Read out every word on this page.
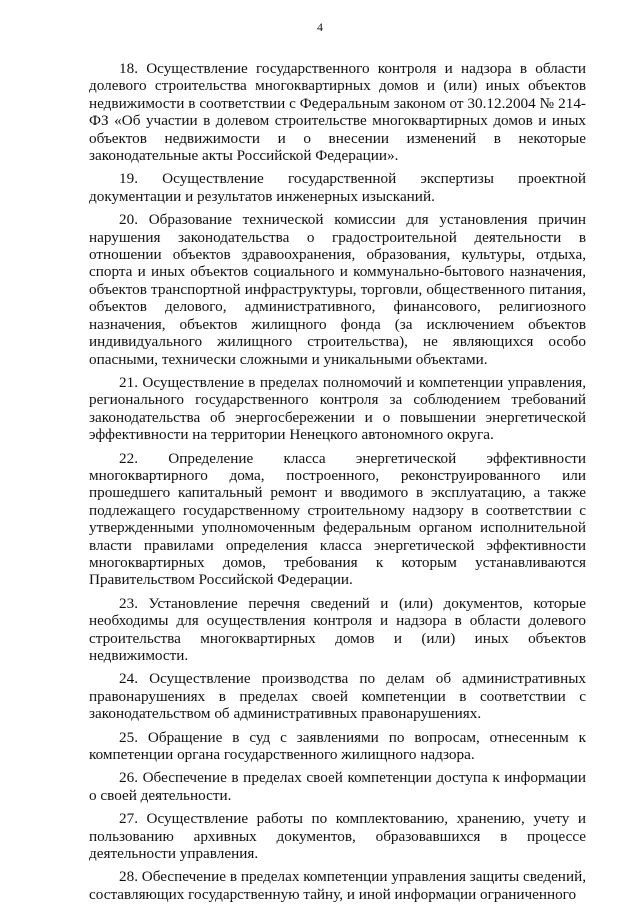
4

18. Осуществление государственного контроля и надзора в области долевого строительства многоквартирных домов и (или) иных объектов недвижимости в соответствии с Федеральным законом от 30.12.2004 № 214-ФЗ «Об участии в долевом строительстве многоквартирных домов и иных объектов недвижимости и о внесении изменений в некоторые законодательные акты Российской Федерации».

19. Осуществление государственной экспертизы проектной документации и результатов инженерных изысканий.

20. Образование технической комиссии для установления причин нарушения законодательства о градостроительной деятельности в отношении объектов здравоохранения, образования, культуры, отдыха, спорта и иных объектов социального и коммунально-бытового назначения, объектов транспортной инфраструктуры, торговли, общественного питания, объектов делового, административного, финансового, религиозного назначения, объектов жилищного фонда (за исключением объектов индивидуального жилищного строительства), не являющихся особо опасными, технически сложными и уникальными объектами.

21. Осуществление в пределах полномочий и компетенции управления, регионального государственного контроля за соблюдением требований законодательства об энергосбережении и о повышении энергетической эффективности на территории Ненецкого автономного округа.

22. Определение класса энергетической эффективности многоквартирного дома, построенного, реконструированного или прошедшего капитальный ремонт и вводимого в эксплуатацию, а также подлежащего государственному строительному надзору в соответствии с утвержденными уполномоченным федеральным органом исполнительной власти правилами определения класса энергетической эффективности многоквартирных домов, требования к которым устанавливаются Правительством Российской Федерации.

23. Установление перечня сведений и (или) документов, которые необходимы для осуществления контроля и надзора в области долевого строительства многоквартирных домов и (или) иных объектов недвижимости.

24. Осуществление производства по делам об административных правонарушениях в пределах своей компетенции в соответствии с законодательством об административных правонарушениях.

25. Обращение в суд с заявлениями по вопросам, отнесенным к компетенции органа государственного жилищного надзора.

26. Обеспечение в пределах своей компетенции доступа к информации о своей деятельности.

27. Осуществление работы по комплектованию, хранению, учету и пользованию архивных документов, образовавшихся в процессе деятельности управления.

28. Обеспечение в пределах компетенции управления защиты сведений, составляющих государственную тайну, и иной информации ограниченного
